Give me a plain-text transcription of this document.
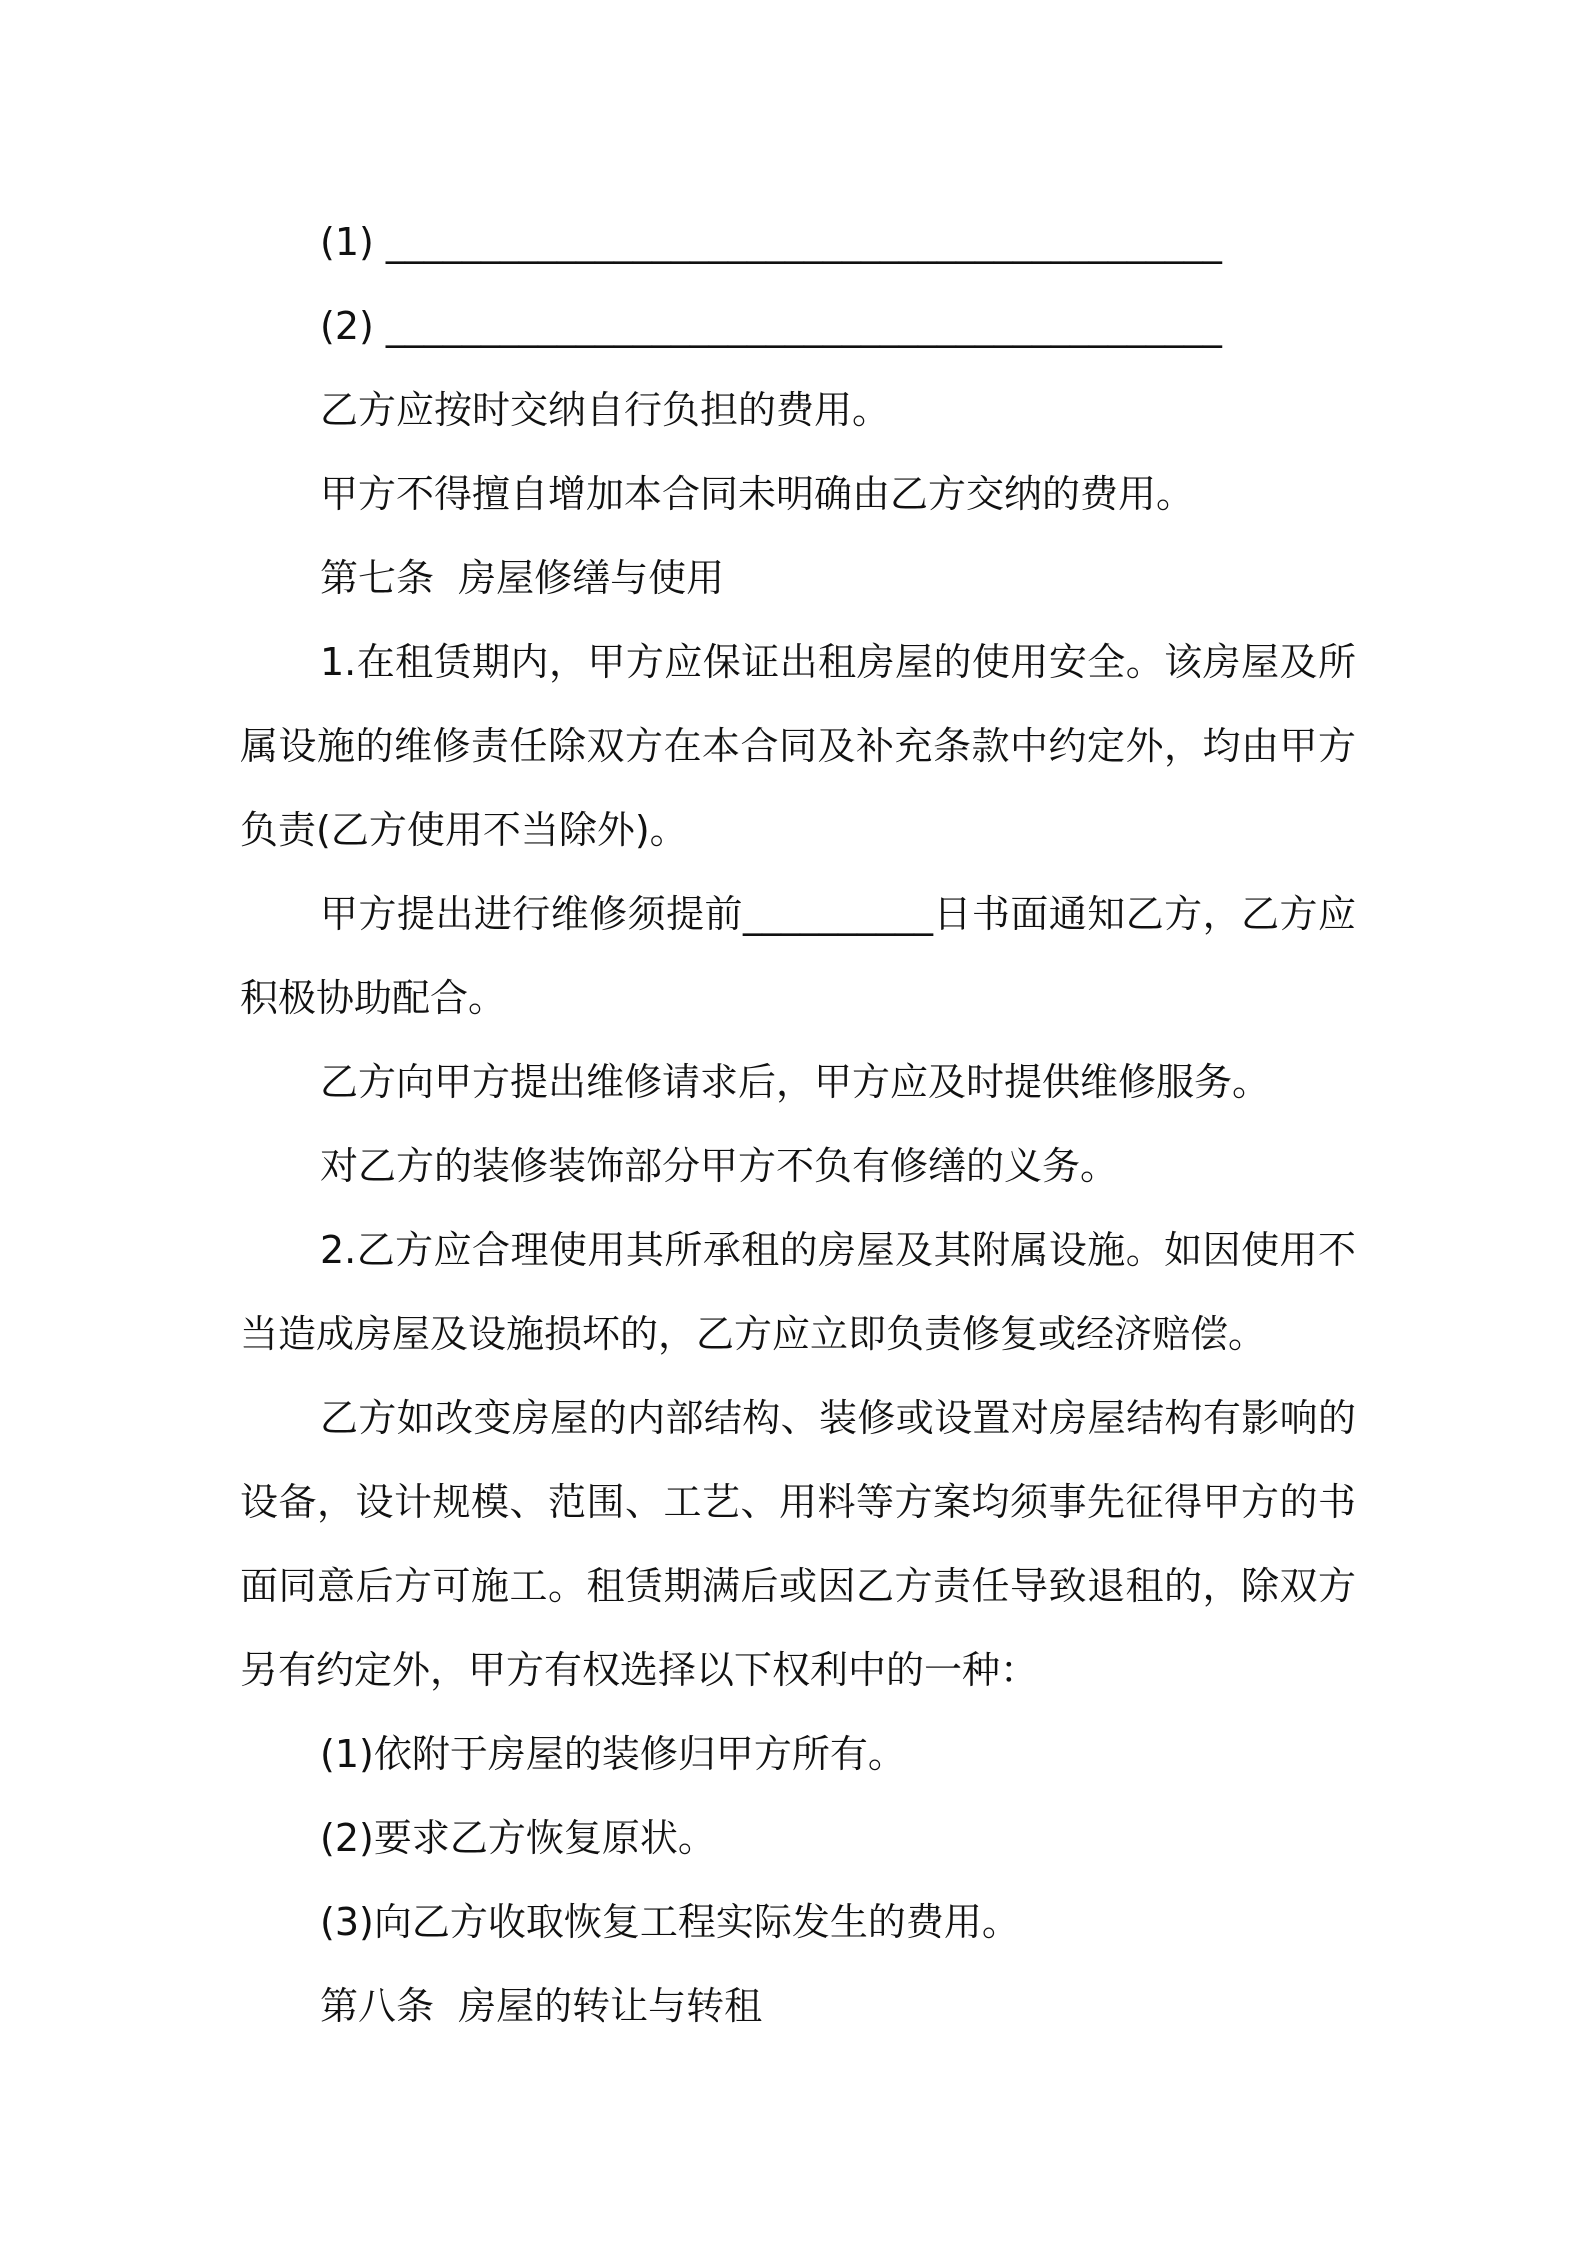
(1) ____________________________________________

(2) ____________________________________________

乙方应按时交纳自行负担的费用。

甲方不得擅自增加本合同未明确由乙方交纳的费用。

第七条  房屋修缮与使用

1.在租赁期内，甲方应保证出租房屋的使用安全。该房屋及所属设施的维修责任除双方在本合同及补充条款中约定外，均由甲方负责(乙方使用不当除外)。

甲方提出进行维修须提前__________日书面通知乙方，乙方应积极协助配合。

乙方向甲方提出维修请求后，甲方应及时提供维修服务。

对乙方的装修装饰部分甲方不负有修缮的义务。

2.乙方应合理使用其所承租的房屋及其附属设施。如因使用不当造成房屋及设施损坏的，乙方应立即负责修复或经济赔偿。

乙方如改变房屋的内部结构、装修或设置对房屋结构有影响的设备，设计规模、范围、工艺、用料等方案均须事先征得甲方的书面同意后方可施工。租赁期满后或因乙方责任导致退租的，除双方另有约定外，甲方有权选择以下权利中的一种：

(1)依附于房屋的装修归甲方所有。

(2)要求乙方恢复原状。

(3)向乙方收取恢复工程实际发生的费用。

第八条  房屋的转让与转租
